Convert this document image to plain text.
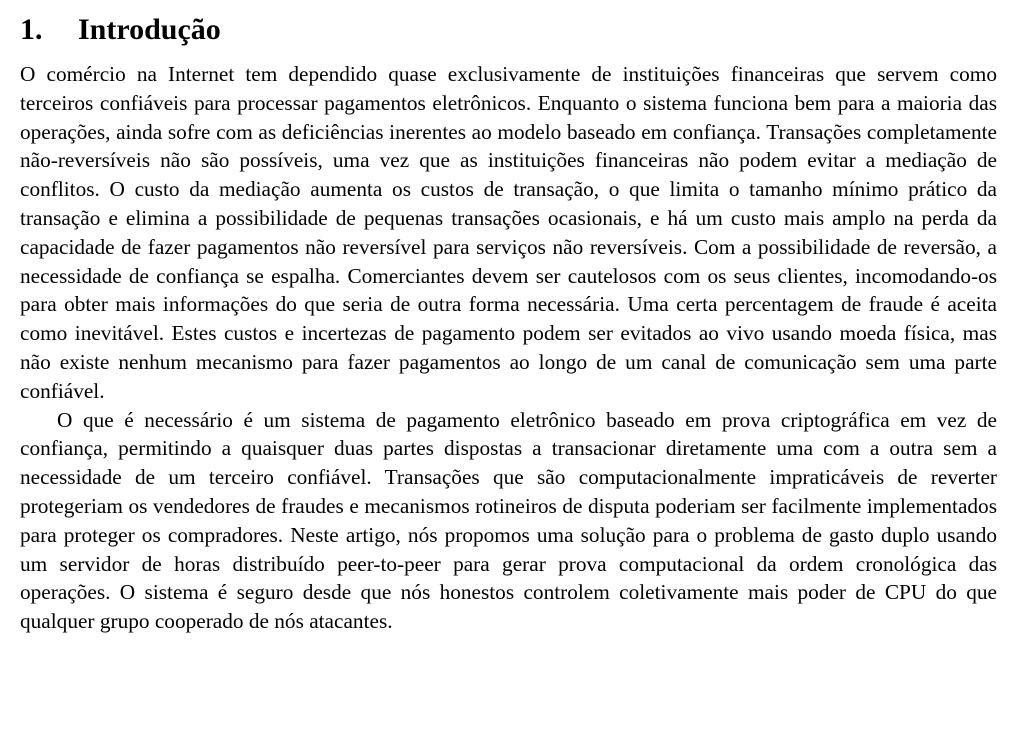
1. Introdução

O comércio na Internet tem dependido quase exclusivamente de instituições financeiras que servem como terceiros confiáveis para processar pagamentos eletrônicos. Enquanto o sistema funciona bem para a maioria das operações, ainda sofre com as deficiências inerentes ao modelo baseado em confiança. Transações completamente não-reversíveis não são possíveis, uma vez que as instituições financeiras não podem evitar a mediação de conflitos. O custo da mediação aumenta os custos de transação, o que limita o tamanho mínimo prático da transação e elimina a possibilidade de pequenas transações ocasionais, e há um custo mais amplo na perda da capacidade de fazer pagamentos não reversível para serviços não reversíveis. Com a possibilidade de reversão, a necessidade de confiança se espalha. Comerciantes devem ser cautelosos com os seus clientes, incomodando-os para obter mais informações do que seria de outra forma necessária. Uma certa percentagem de fraude é aceita como inevitável. Estes custos e incertezas de pagamento podem ser evitados ao vivo usando moeda física, mas não existe nenhum mecanismo para fazer pagamentos ao longo de um canal de comunicação sem uma parte confiável.

O que é necessário é um sistema de pagamento eletrônico baseado em prova criptográfica em vez de confiança, permitindo a quaisquer duas partes dispostas a transacionar diretamente uma com a outra sem a necessidade de um terceiro confiável. Transações que são computacionalmente impraticáveis de reverter protegeriam os vendedores de fraudes e mecanismos rotineiros de disputa poderiam ser facilmente implementados para proteger os compradores. Neste artigo, nós propomos uma solução para o problema de gasto duplo usando um servidor de horas distribuído peer-to-peer para gerar prova computacional da ordem cronológica das operações. O sistema é seguro desde que nós honestos controlem coletivamente mais poder de CPU do que qualquer grupo cooperado de nós atacantes.
